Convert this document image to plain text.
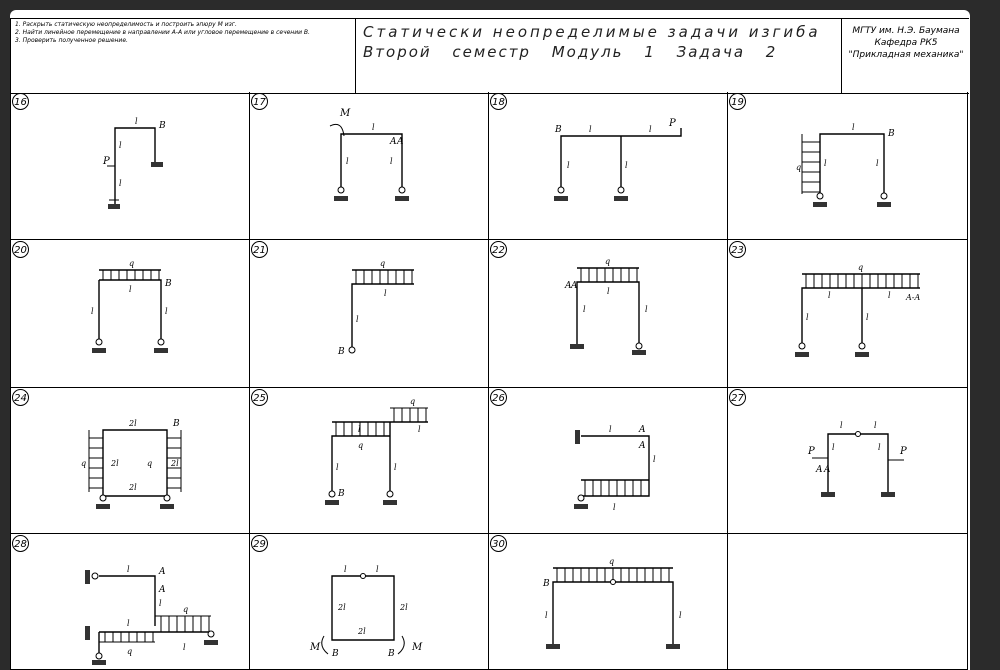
1. Раскрыть статическую неопределимость и построить эпюру M изг.
2. Найти линейное перемещение в направлении A-A или угловое перемещение в сечении B.
3. Проверить полученное решение.	Статически неопределимые задачи изгиба
Второй семестр Модуль 1 Задача 2
МГТУ им. Н.Э. Баумана
Кафедра РК5
"Прикладная механика"
16
P
l
l
l
B
17
M
l
l	l
A A
18
B
P
l	l
l	l
19
q
B
l
l	l
20
q
B
l
l	l
21
B
q
l
l
22
q
A A
l
l	l
23
q
A-A
l	l
l	l
24
2l
2l
2l	2l
q	q
B
25
q
q
B
l	l
l	l
26
A
A
l
l
l
27
P	P
A A
l	l
l	l
28
A
A
l
q
q
l
l
l
29
M	M
B	B
l	l
2l	2l
2l
30
q
B
l	l
